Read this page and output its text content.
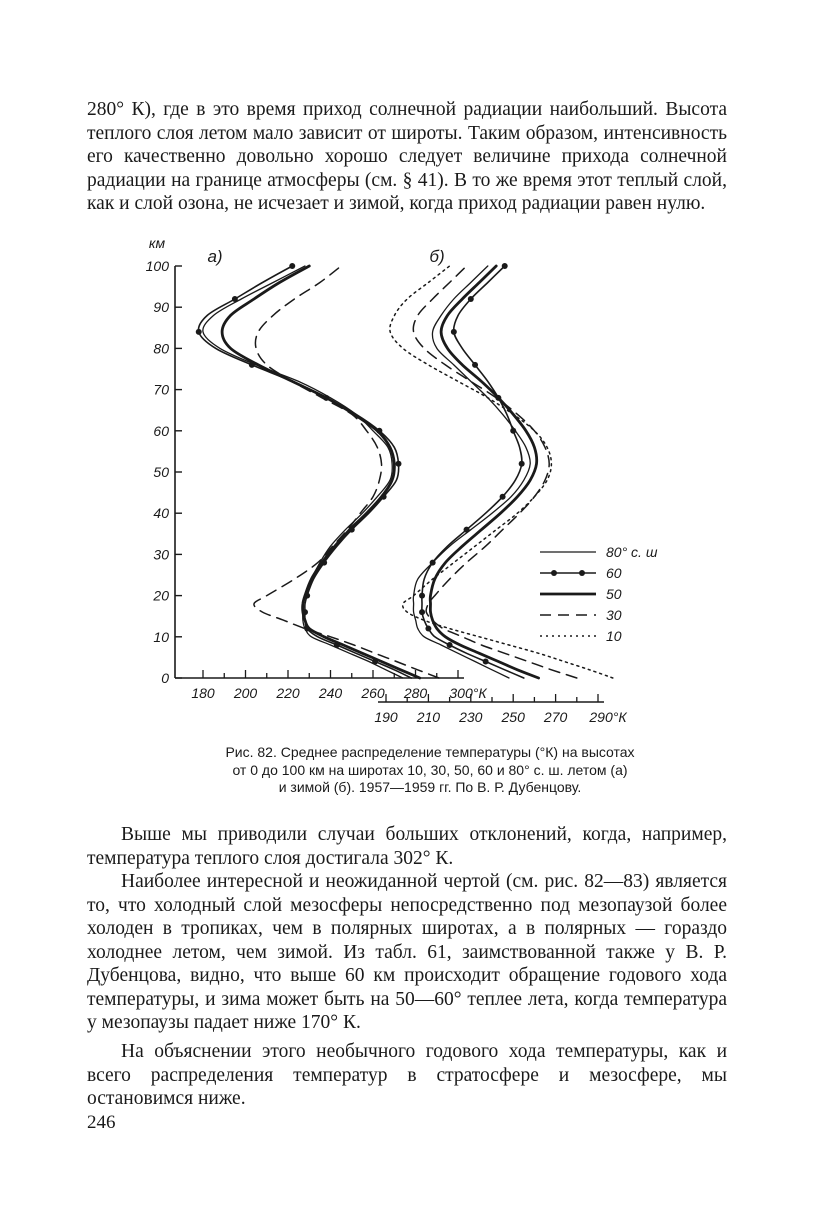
280° К), где в это время приход солнечной радиации наибольший. Высота теплого слоя летом мало зависит от широты. Таким образом, интенсивность его качественно довольно хорошо следует величине прихода солнечной радиации на границе атмосферы (см. § 41). В то же время этот теплый слой, как и слой озона, не исчезает и зимой, когда приход радиации равен нулю.

0
10
20
30
40
50
60
70
80
90
100
км
180 200 220 240 260 280 300°К
а)
190 210 230 250 270 290°К
б)
80° с. ш
60
50
30
10
Рис. 82. Среднее распределение температуры (°К) на высотах
от 0 до 100 км на широтах 10, 30, 50, 60 и 80° с. ш. летом (а)
и зимой (б). 1957—1959 гг. По В. Р. Дубенцову.

Выше мы приводили случаи больших отклонений, когда, например, температура теплого слоя достигала 302° К.

Наиболее интересной и неожиданной чертой (см. рис. 82—83) является то, что холодный слой мезосферы непосредственно под мезопаузой более холоден в тропиках, чем в полярных широтах, а в полярных — гораздо холоднее летом, чем зимой. Из табл. 61, заимствованной также у В. Р. Дубенцова, видно, что выше 60 км происходит обращение годового хода температуры, и зима может быть на 50—60° теплее лета, когда температура у мезопаузы падает ниже 170° К.

На объяснении этого необычного годового хода температуры, как и всего распределения температур в стратосфере и мезосфере, мы остановимся ниже.

246
